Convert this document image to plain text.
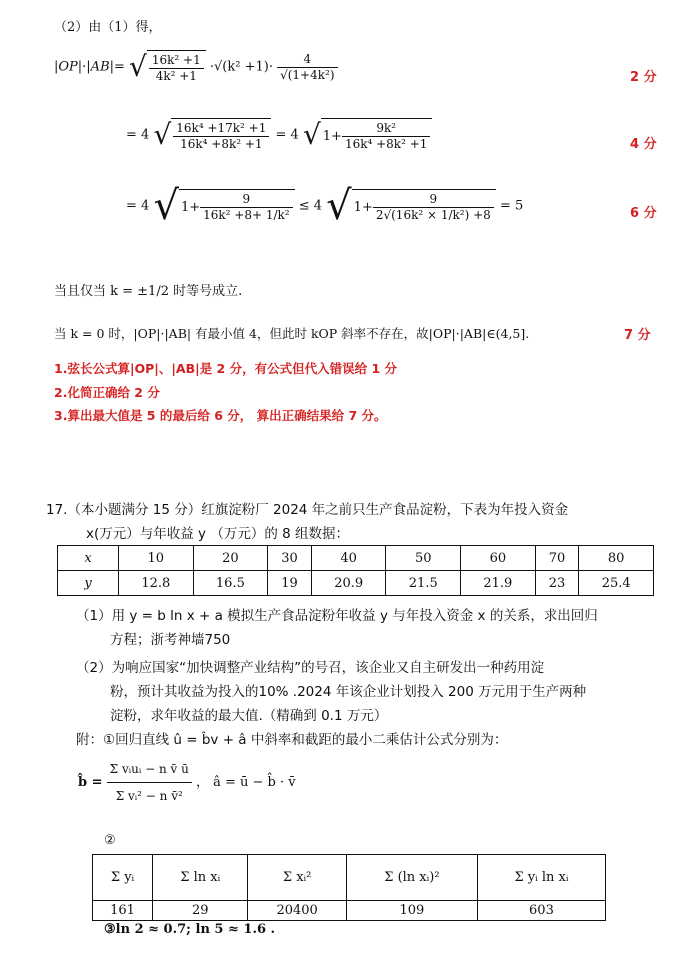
（2）由（1）得，
|OP|·|AB|= √ $\frac{\text{16k² +1}}{\text{4k² +1}} \cdot√(k^2 +1)\cdot \frac{4}{\text{√(1+4k²)}}$	2 分
= 4 √ $\frac{\text{16k⁴ +17k² +1}}{\text{16k⁴ +8k² +1}} = 4$ √ $1+ \frac{\text{9k²}}{\text{16k⁴ +8k² +1}}$	4 分
= 4 √ $1+ \frac{9}{\text{16k² +8+ 1/k²}} \le 4$ √ $1+ \frac{9}{\text{2√(16k² × 1/k²) +8}} = 5$	6 分
当且仅当 k = ±1/2 时等号成立.
当 k = 0 时，|OP|·|AB| 有最小值 4，但此时 kOP 斜率不存在，故|OP|·|AB|∈(4,5].	7 分
1.弦长公式算|OP|、|AB|是 2 分，有公式但代入错误给 1 分
2.化简正确给 2 分
3.算出最大值是 5 的最后给 6 分， 算出正确结果给 7 分。
17.（本小题满分 15 分）红旗淀粉厂 2024 年之前只生产食品淀粉，下表为年投入资金
x(万元）与年收益 y （万元）的 8 组数据：
x	10	20	30	40	50	60	70	80
y	12.8	16.5	19	20.9	21.5	21.9	23	25.4
（1）用 y = b ln x + a 模拟生产食品淀粉年收益 y 与年投入资金 x 的关系，求出回归
方程；浙考神墙750
（2）为响应国家“加快调整产业结构”的号召，该企业又自主研发出一种药用淀
粉，预计其收益为投入的10% .2024 年该企业计划投入 200 万元用于生产两种
淀粉，求年收益的最大值.（精确到 0.1 万元）
附：①回归直线 û = b̂v + â 中斜率和截距的最小二乘估计公式分别为：
b̂ = $\frac{\text{Σ vᵢuᵢ − n v̄ ū}}{\text{Σ vᵢ² − n v̄²}}$ ， â = ū − b̂ · v̄
②
Σ yᵢ	Σ ln xᵢ	Σ xᵢ²	Σ (ln xᵢ)²	Σ yᵢ ln xᵢ
161	29	20400	109	603
③ln 2 ≈ 0.7; ln 5 ≈ 1.6 .
